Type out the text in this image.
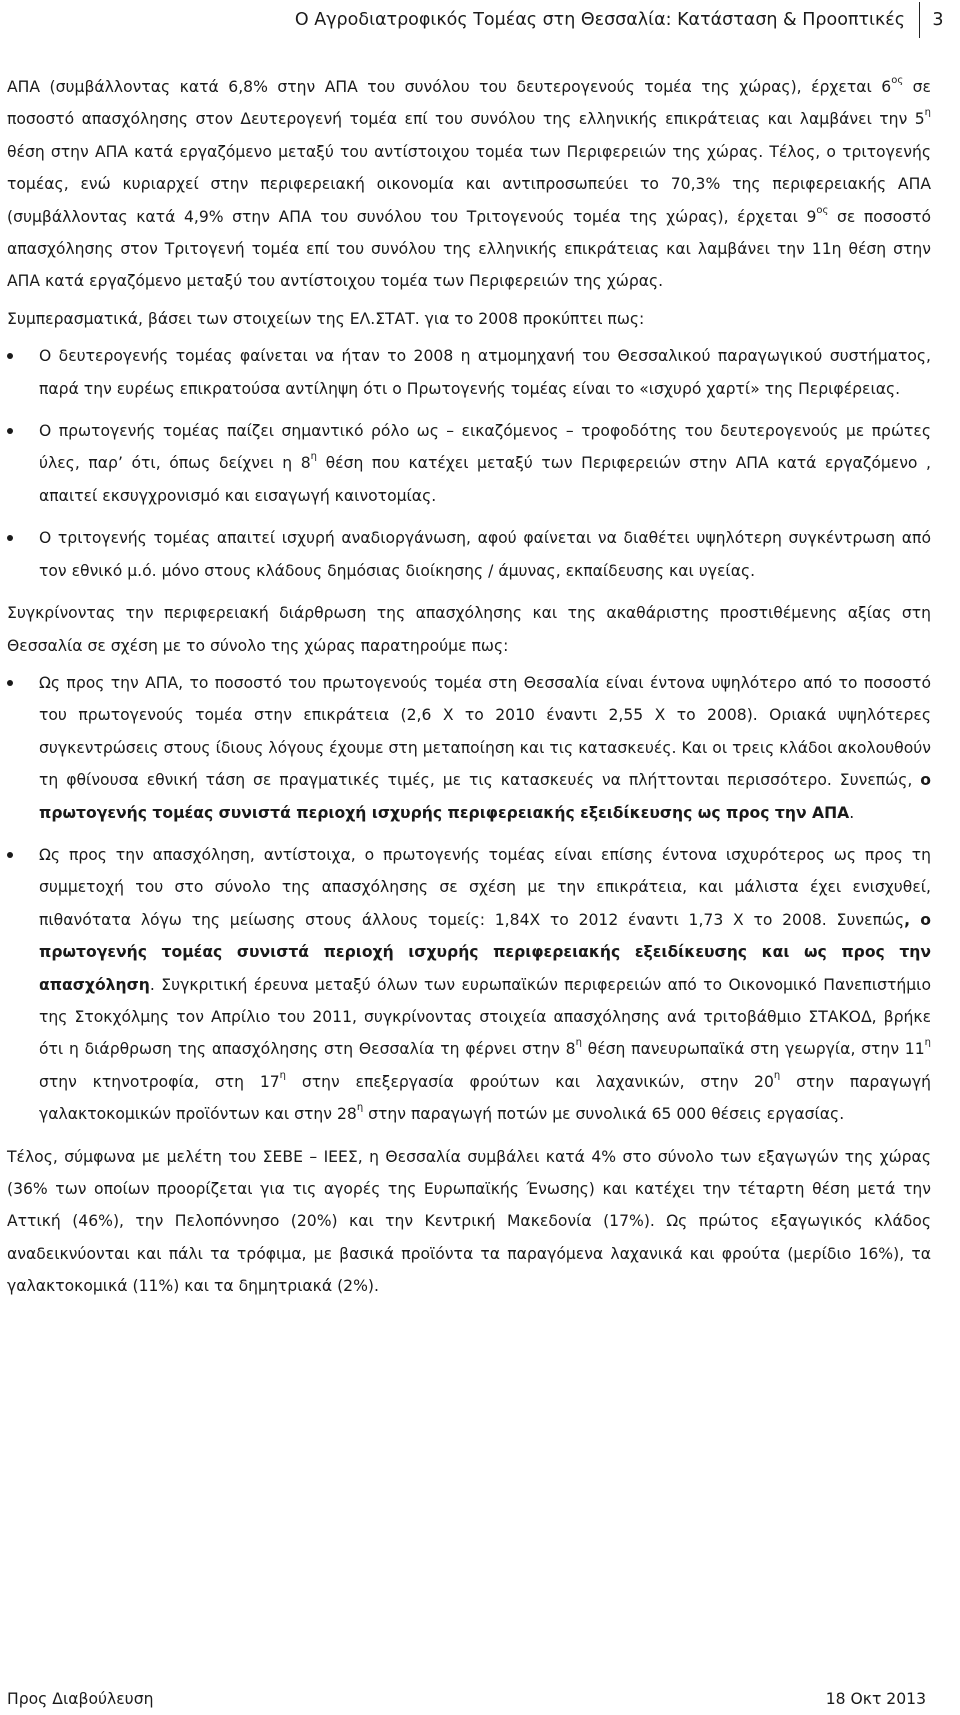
Ο Αγροδιατροφικός Τομέας στη Θεσσαλία: Κατάσταση & Προοπτικές	3

ΑΠΑ (συμβάλλοντας κατά 6,8% στην ΑΠΑ του συνόλου του δευτερογενούς τομέα της χώρας), έρχεται $6^{o\varsigma}$ σε ποσοστό απασχόλησης στον Δευτερογενή τομέα επί του συνόλου της ελληνικής επικράτειας και λαμβάνει την $5^\eta$ θέση στην ΑΠΑ κατά εργαζόμενο μεταξύ του αντίστοιχου τομέα των Περιφερειών της χώρας. Τέλος, ο τριτογενής τομέας, ενώ κυριαρχεί στην περιφερειακή οικονομία και αντιπροσωπεύει το 70,3% της περιφερειακής ΑΠΑ (συμβάλλοντας κατά 4,9% στην ΑΠΑ του συνόλου του Τριτογενούς τομέα της χώρας), έρχεται $9^{o\varsigma}$ σε ποσοστό απασχόλησης στον Τριτογενή τομέα επί του συνόλου της ελληνικής επικράτειας και λαμβάνει την 11η θέση στην ΑΠΑ κατά εργαζόμενο μεταξύ του αντίστοιχου τομέα των Περιφερειών της χώρας.

Συμπερασματικά, βάσει των στοιχείων της ΕΛ.ΣΤΑΤ. για το 2008 προκύπτει πως:

Ο δευτερογενής τομέας φαίνεται να ήταν το 2008 η ατμομηχανή του Θεσσαλικού παραγωγικού συστήματος, παρά την ευρέως επικρατούσα αντίληψη ότι ο Πρωτογενής τομέας είναι το «ισχυρό χαρτί» της Περιφέρειας.
Ο πρωτογενής τομέας παίζει σημαντικό ρόλο ως – εικαζόμενος – τροφοδότης του δευτερογενούς με πρώτες ύλες, παρ’ ότι, όπως δείχνει η $8^\eta$ θέση που κατέχει μεταξύ των Περιφερειών στην ΑΠΑ κατά εργαζόμενο , απαιτεί εκσυγχρονισμό και εισαγωγή καινοτομίας.
Ο τριτογενής τομέας απαιτεί ισχυρή αναδιοργάνωση, αφού φαίνεται να διαθέτει υψηλότερη συγκέντρωση από τον εθνικό μ.ό. μόνο στους κλάδους δημόσιας διοίκησης / άμυνας, εκπαίδευσης και υγείας.

Συγκρίνοντας την περιφερειακή διάρθρωση της απασχόλησης και της ακαθάριστης προστιθέμενης αξίας στη Θεσσαλία σε σχέση με το σύνολο της χώρας παρατηρούμε πως:

Ως προς την ΑΠΑ, το ποσοστό του πρωτογενούς τομέα στη Θεσσαλία είναι έντονα υψηλότερο από το ποσοστό του πρωτογενούς τομέα στην επικράτεια (2,6 Χ το 2010 έναντι 2,55 Χ το 2008). Οριακά υψηλότερες συγκεντρώσεις στους ίδιους λόγους έχουμε στη μεταποίηση και τις κατασκευές. Και οι τρεις κλάδοι ακολουθούν τη φθίνουσα εθνική τάση σε πραγματικές τιμές, με τις κατασκευές να πλήττονται περισσότερο. Συνεπώς, ο πρωτογενής τομέας συνιστά περιοχή ισχυρής περιφερειακής εξειδίκευσης ως προς την ΑΠΑ.
Ως προς την απασχόληση, αντίστοιχα, ο πρωτογενής τομέας είναι επίσης έντονα ισχυρότερος ως προς τη συμμετοχή του στο σύνολο της απασχόλησης σε σχέση με την επικράτεια, και μάλιστα έχει ενισχυθεί, πιθανότατα λόγω της μείωσης στους άλλους τομείς: 1,84Χ το 2012 έναντι 1,73 Χ το 2008. Συνεπώς, ο πρωτογενής τομέας συνιστά περιοχή ισχυρής περιφερειακής εξειδίκευσης και ως προς την απασχόληση. Συγκριτική έρευνα μεταξύ όλων των ευρωπαϊκών περιφερειών από το Οικονομικό Πανεπιστήμιο της Στοκχόλμης τον Απρίλιο του 2011, συγκρίνοντας στοιχεία απασχόλησης ανά τριτοβάθμιο ΣΤΑΚΟΔ, βρήκε ότι η διάρθρωση της απασχόλησης στη Θεσσαλία τη φέρνει στην $8^\eta$ θέση πανευρωπαϊκά στη γεωργία, στην $11^\eta$ στην κτηνοτροφία, στη $17^\eta$ στην επεξεργασία φρούτων και λαχανικών, στην $20^\eta$ στην παραγωγή γαλακτοκομικών προϊόντων και στην $28^\eta$ στην παραγωγή ποτών με συνολικά 65 000 θέσεις εργασίας.

Τέλος, σύμφωνα με μελέτη του ΣΕΒΕ – ΙΕΕΣ, η Θεσσαλία συμβάλει κατά 4% στο σύνολο των εξαγωγών της χώρας (36% των οποίων προορίζεται για τις αγορές της Ευρωπαϊκής Ένωσης) και κατέχει την τέταρτη θέση μετά την Αττική (46%), την Πελοπόννησο (20%) και την Κεντρική Μακεδονία (17%). Ως πρώτος εξαγωγικός κλάδος αναδεικνύονται και πάλι τα τρόφιμα, με βασικά προϊόντα τα παραγόμενα λαχανικά και φρούτα (μερίδιο 16%), τα γαλακτοκομικά (11%) και τα δημητριακά (2%).

Προς Διαβούλευση	18 Οκτ 2013
